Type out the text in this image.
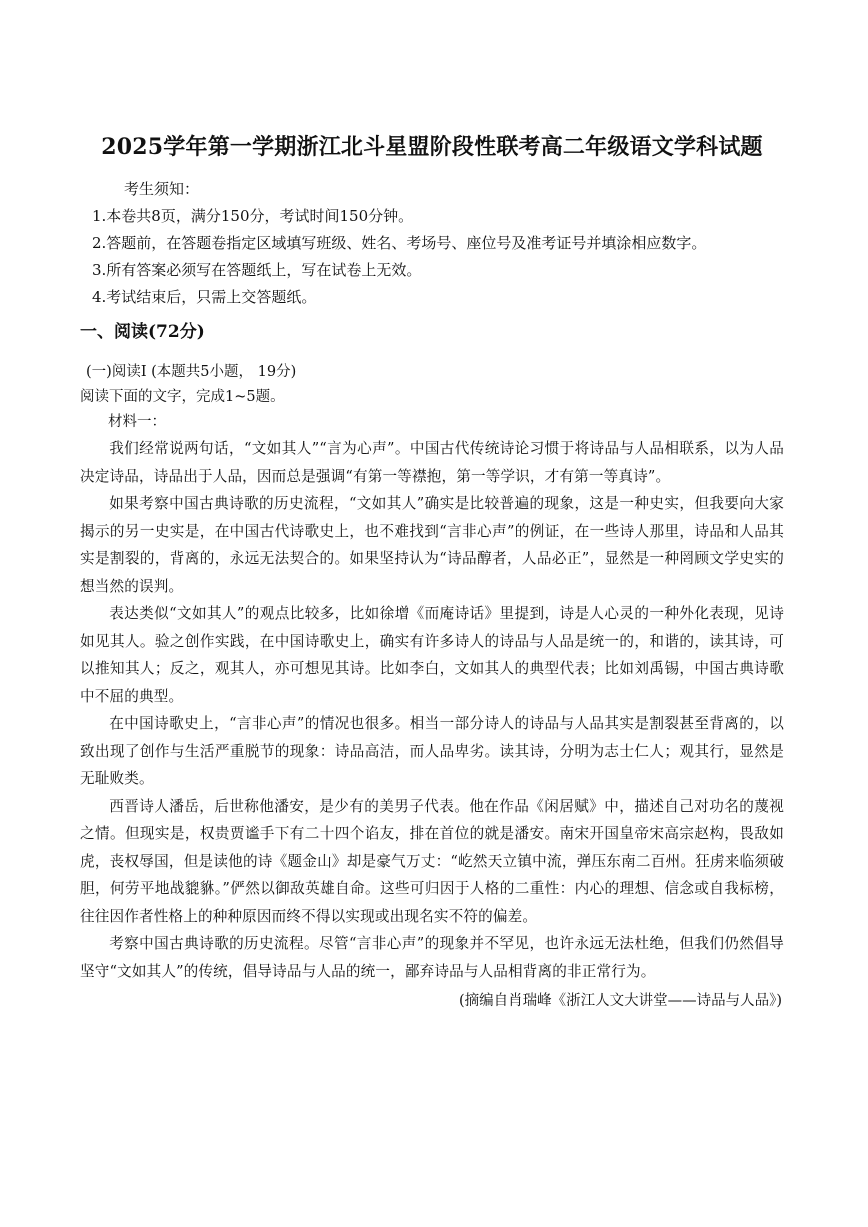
2025学年第一学期浙江北斗星盟阶段性联考高二年级语文学科试题
考生须知：
1.本卷共8页，满分150分，考试时间150分钟。
2.答题前，在答题卷指定区域填写班级、姓名、考场号、座位号及准考证号并填涂相应数字。
3.所有答案必须写在答题纸上，写在试卷上无效。
4.考试结束后，只需上交答题纸。
一、阅读(72分)
(一)阅读Ⅰ (本题共5小题， 19分)
阅读下面的文字，完成1~5题。
材料一：

我们经常说两句话，“文如其人”“言为心声”。中国古代传统诗论习惯于将诗品与人品相联系，以为人品决定诗品，诗品出于人品，因而总是强调“有第一等襟抱，第一等学识，才有第一等真诗”。

如果考察中国古典诗歌的历史流程，“文如其人”确实是比较普遍的现象，这是一种史实，但我要向大家揭示的另一史实是，在中国古代诗歌史上，也不难找到“言非心声”的例证，在一些诗人那里，诗品和人品其实是割裂的，背离的，永远无法契合的。如果坚持认为“诗品醇者，人品必正”，显然是一种罔顾文学史实的想当然的误判。

表达类似“文如其人”的观点比较多，比如徐增《而庵诗话》里提到，诗是人心灵的一种外化表现，见诗如见其人。验之创作实践，在中国诗歌史上，确实有许多诗人的诗品与人品是统一的，和谐的，读其诗，可以推知其人；反之，观其人，亦可想见其诗。比如李白，文如其人的典型代表；比如刘禹锡，中国古典诗歌中不屈的典型。

在中国诗歌史上，“言非心声”的情况也很多。相当一部分诗人的诗品与人品其实是割裂甚至背离的，以致出现了创作与生活严重脱节的现象：诗品高洁，而人品卑劣。读其诗，分明为志士仁人；观其行，显然是无耻败类。

西晋诗人潘岳，后世称他潘安，是少有的美男子代表。他在作品《闲居赋》中，描述自己对功名的蔑视之情。但现实是，权贵贾谧手下有二十四个谄友，排在首位的就是潘安。南宋开国皇帝宋高宗赵构，畏敌如虎，丧权辱国，但是读他的诗《题金山》却是豪气万丈：“屹然天立镇中流，弹压东南二百州。狂虏来临须破胆，何劳平地战貔貅。”俨然以御敌英雄自命。这些可归因于人格的二重性：内心的理想、信念或自我标榜，往往因作者性格上的种种原因而终不得以实现或出现名实不符的偏差。

考察中国古典诗歌的历史流程。尽管“言非心声”的现象并不罕见，也许永远无法杜绝，但我们仍然倡导坚守“文如其人”的传统，倡导诗品与人品的统一，鄙弃诗品与人品相背离的非正常行为。

(摘编自肖瑞峰《浙江人文大讲堂——诗品与人品》)
